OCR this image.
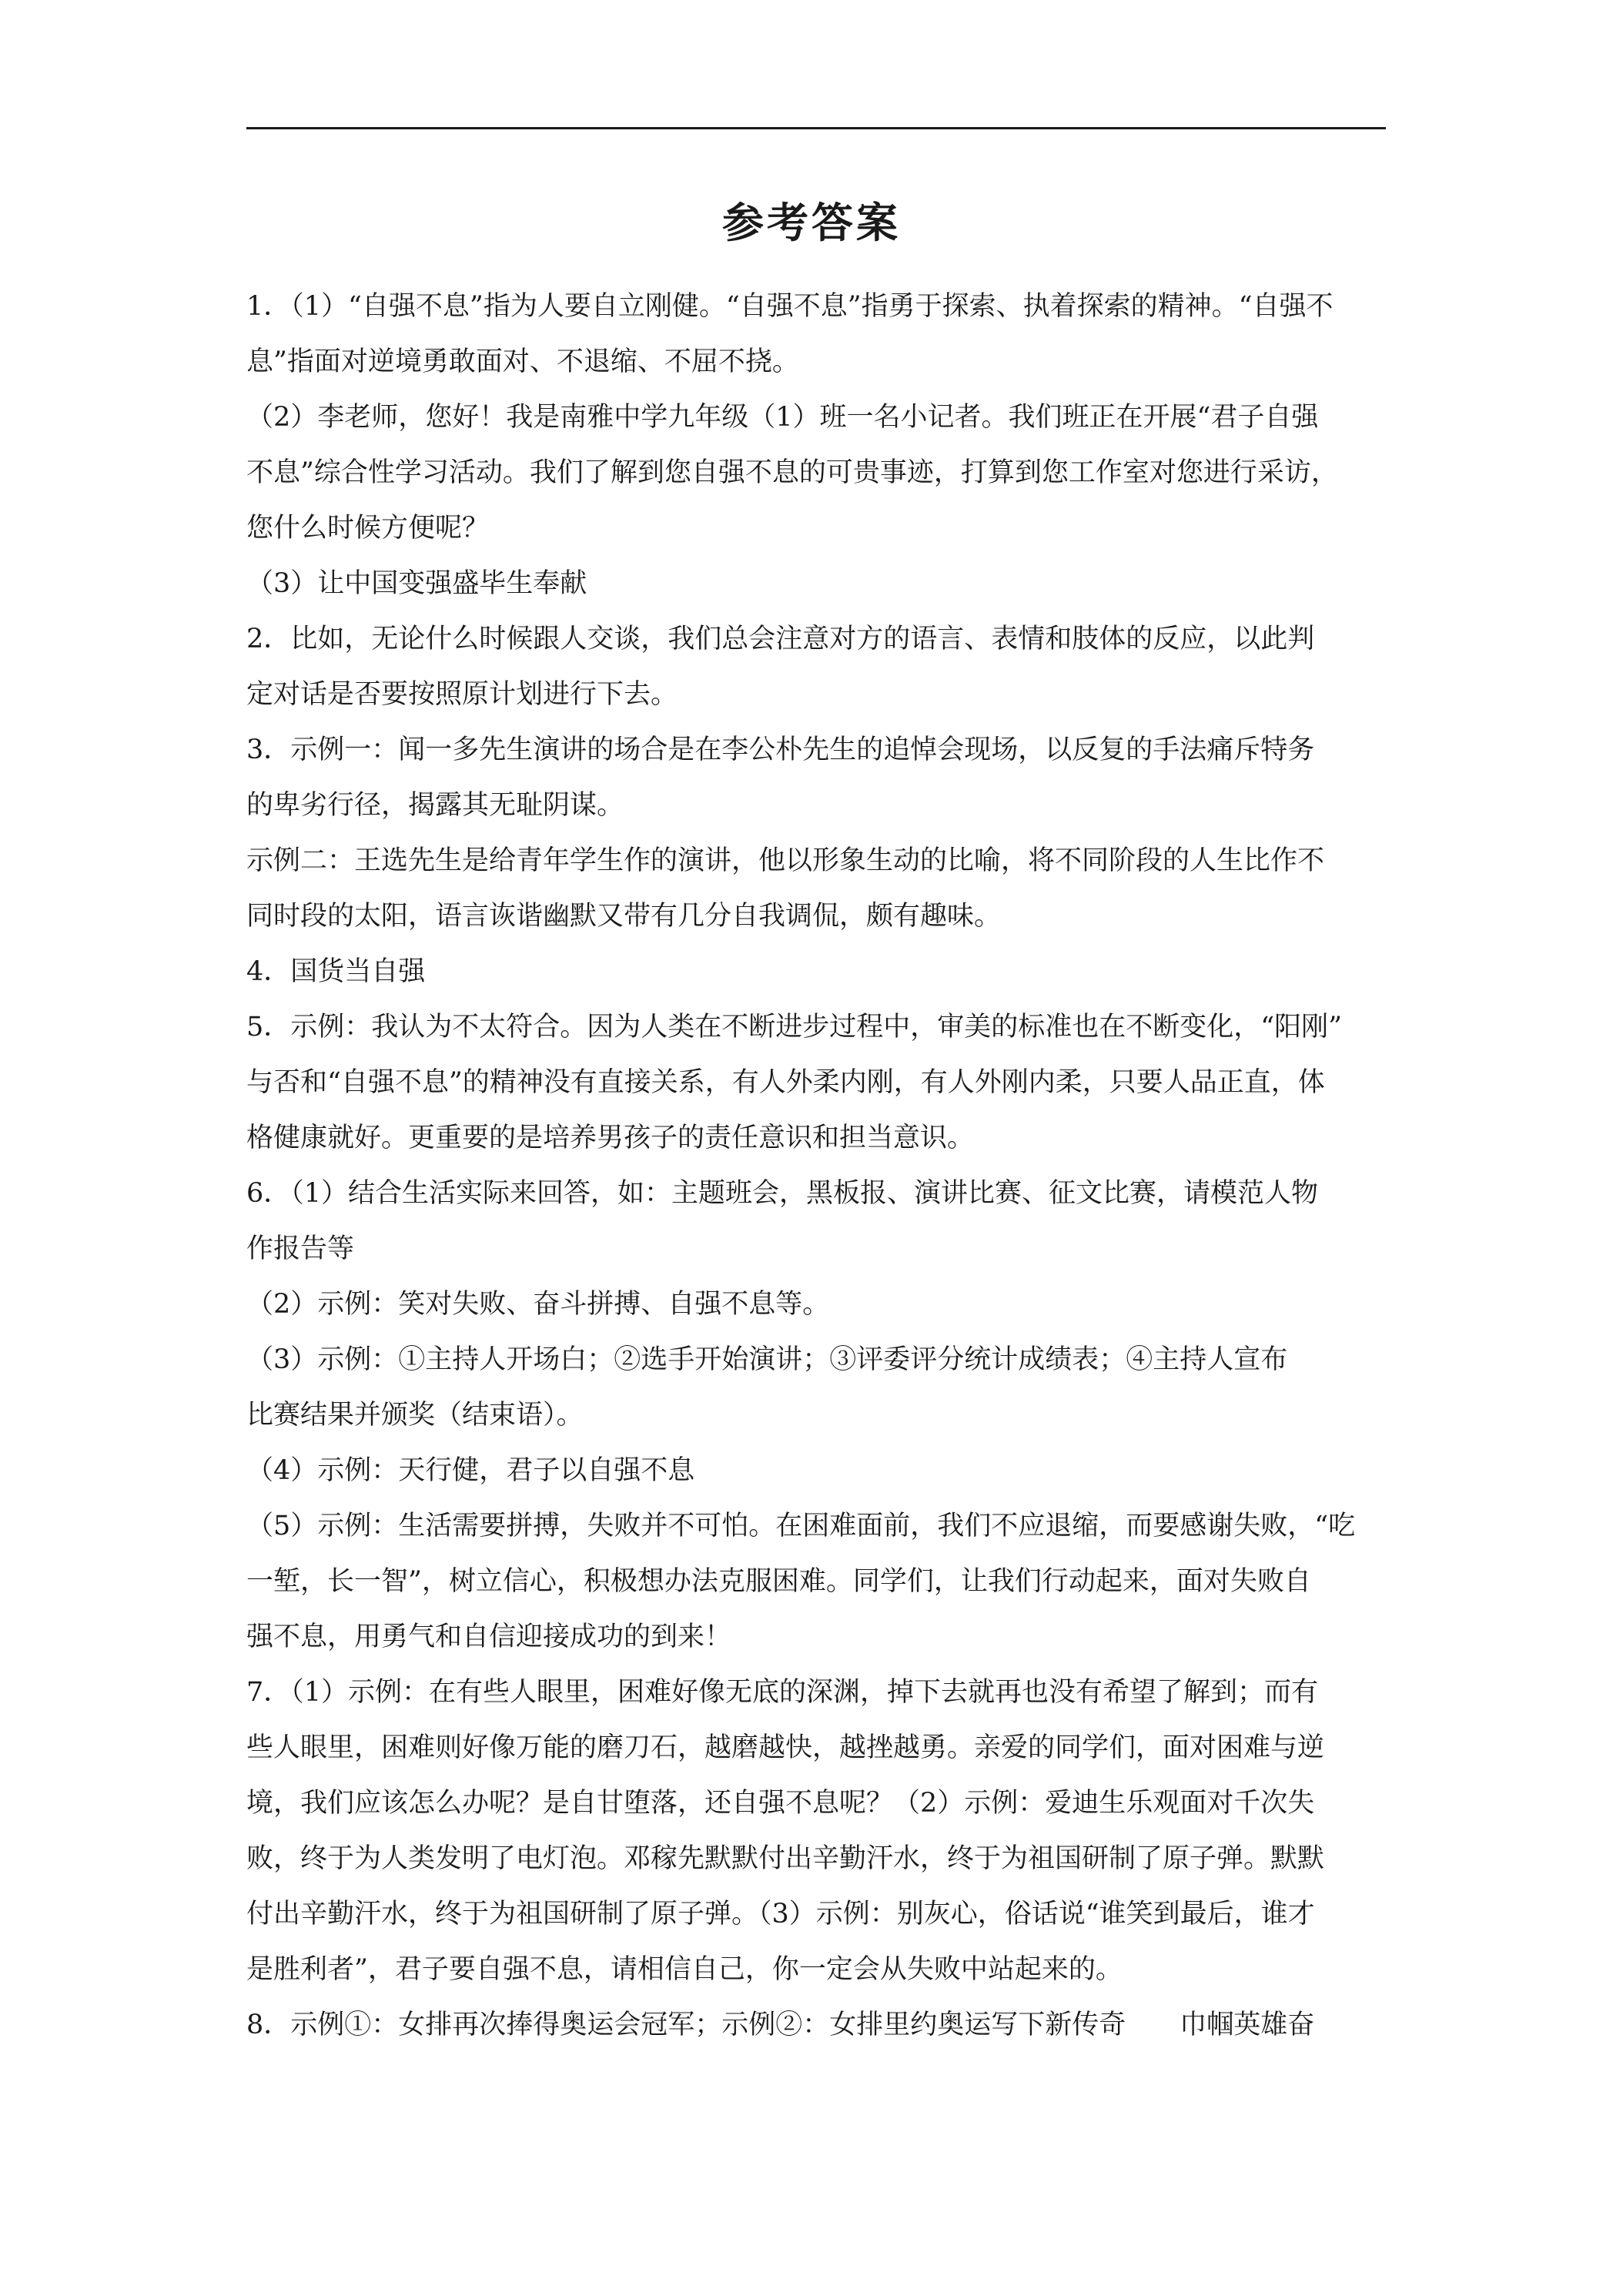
参考答案
1．（1）“自强不息”指为人要自立刚健。“自强不息”指勇于探索、执着探索的精神。“自强不
息”指面对逆境勇敢面对、不退缩、不屈不挠。
（2）李老师，您好！我是南雅中学九年级（1）班一名小记者。我们班正在开展“君子自强
不息”综合性学习活动。我们了解到您自强不息的可贵事迹，打算到您工作室对您进行采访，
您什么时候方便呢？
（3）让中国变强盛毕生奉献
2．比如，无论什么时候跟人交谈，我们总会注意对方的语言、表情和肢体的反应，以此判
定对话是否要按照原计划进行下去。
3．示例一：闻一多先生演讲的场合是在李公朴先生的追悼会现场，以反复的手法痛斥特务
的卑劣行径，揭露其无耻阴谋。
示例二：王选先生是给青年学生作的演讲，他以形象生动的比喻，将不同阶段的人生比作不
同时段的太阳，语言诙谐幽默又带有几分自我调侃，颇有趣味。
4．国货当自强
5．示例：我认为不太符合。因为人类在不断进步过程中，审美的标准也在不断变化，“阳刚”
与否和“自强不息”的精神没有直接关系，有人外柔内刚，有人外刚内柔，只要人品正直，体
格健康就好。更重要的是培养男孩子的责任意识和担当意识。
6．（1）结合生活实际来回答，如：主题班会，黑板报、演讲比赛、征文比赛，请模范人物
作报告等
（2）示例：笑对失败、奋斗拼搏、自强不息等。
（3）示例：①主持人开场白；②选手开始演讲；③评委评分统计成绩表；④主持人宣布
比赛结果并颁奖（结束语）。
（4）示例：天行健，君子以自强不息
（5）示例：生活需要拼搏，失败并不可怕。在困难面前，我们不应退缩，而要感谢失败，“吃
一堑，长一智”，树立信心，积极想办法克服困难。同学们，让我们行动起来，面对失败自
强不息，用勇气和自信迎接成功的到来！
7．（1）示例：在有些人眼里，困难好像无底的深渊，掉下去就再也没有希望了解到；而有
些人眼里，困难则好像万能的磨刀石，越磨越快，越挫越勇。亲爱的同学们，面对困难与逆
境，我们应该怎么办呢？是自甘堕落，还自强不息呢？（2）示例：爱迪生乐观面对千次失
败，终于为人类发明了电灯泡。邓稼先默默付出辛勤汗水，终于为祖国研制了原子弹。默默
付出辛勤汗水，终于为祖国研制了原子弹。（3）示例：别灰心，俗话说“谁笑到最后，谁才
是胜利者”，君子要自强不息，请相信自己，你一定会从失败中站起来的。
8．示例①：女排再次捧得奥运会冠军；示例②：女排里约奥运写下新传奇　　巾帼英雄奋
